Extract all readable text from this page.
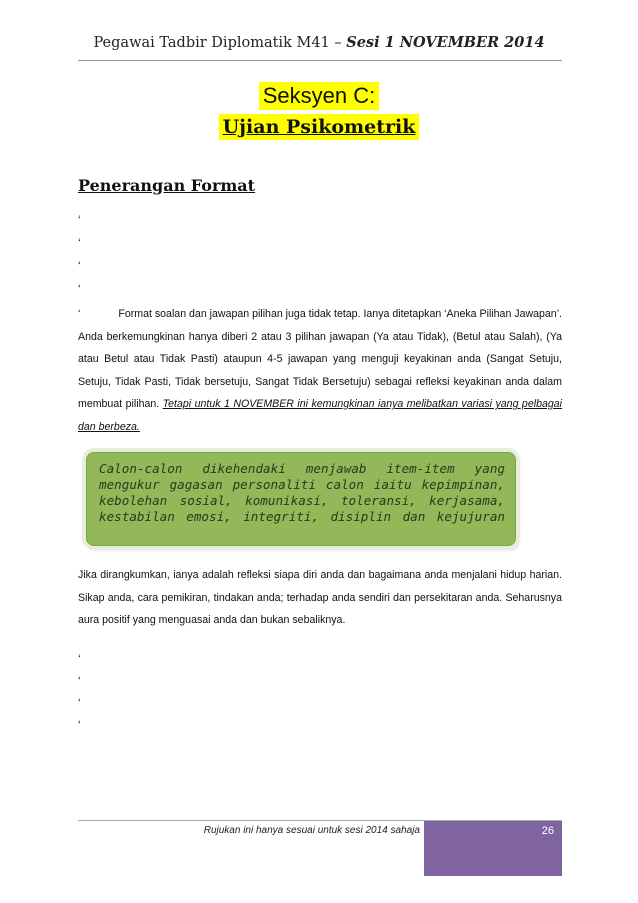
Pegawai Tadbir Diplomatik M41 – Sesi 1 NOVEMBER 2014
Seksyen C:
Ujian Psikometrik
Penerangan Format
‘
‘
‘
‘
‘	Format soalan dan jawapan pilihan juga tidak tetap. Ianya ditetapkan ‘Aneka Pilihan Jawapan’. Anda berkemungkinan hanya diberi 2 atau 3 pilihan jawapan (Ya atau Tidak), (Betul atau Salah), (Ya atau Betul atau Tidak Pasti) ataupun 4-5 jawapan yang menguji keyakinan anda (Sangat Setuju, Setuju, Tidak Pasti, Tidak bersetuju, Sangat Tidak Bersetuju) sebagai refleksi keyakinan anda dalam membuat pilihan. Tetapi untuk 1 NOVEMBER ini kemungkinan ianya melibatkan variasi yang pelbagai dan berbeza.
Calon-calon dikehendaki menjawab item-item yang mengukur gagasan personaliti calon iaitu kepimpinan, kebolehan sosial, komunikasi, toleransi, kerjasama, kestabilan emosi, integriti, disiplin dan kejujuran
Jika dirangkumkan, ianya adalah refleksi siapa diri anda dan bagaimana anda menjalani hidup harian. Sikap anda, cara pemikiran, tindakan anda; terhadap anda sendiri dan persekitaran anda. Seharusnya aura positif yang menguasai anda dan bukan sebaliknya.
‘
‘
‘
‘
Rujukan ini hanya sesuai untuk sesi 2014 sahaja	26
